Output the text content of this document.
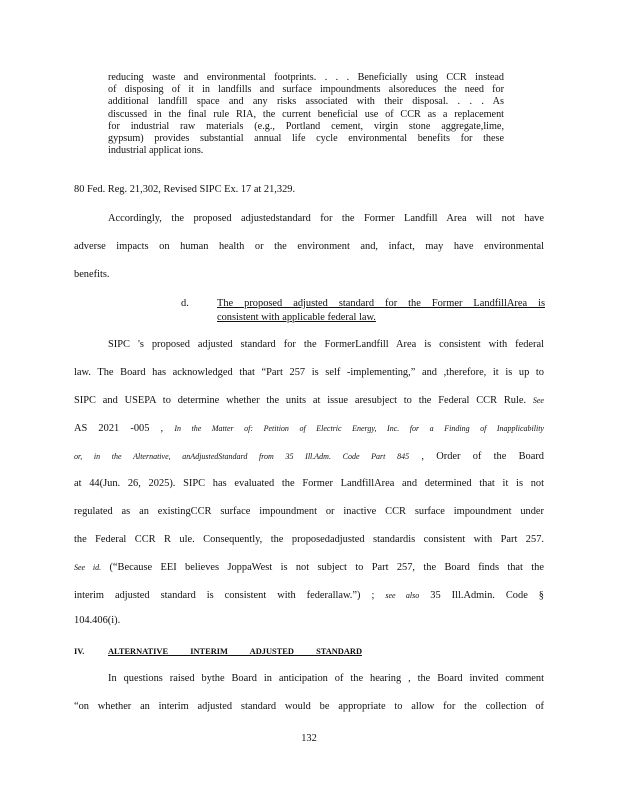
reducing waste and environmental footprints. . . . Beneficially using CCR instead
of disposing of it in landfills and surface impoundments alsoreduces the need for
additional landfill space and any risks associated with their disposal. . . . As
discussed in the final rule RIA, the current beneficial use of CCR as a replacement
for industrial raw materials (e.g., Portland cement, virgin stone aggregate,lime,
gypsum) provides substantial annual life cycle environmental benefits for these
industrial applicat ions.
80 Fed. Reg. 21,302, Revised SIPC Ex. 17 at 21,329.
Accordingly, the proposed adjustedstandard for the Former Landfill Area will not have
adverse impacts on human health or the environment and, infact, may have environmental
benefits.
d.	The proposed adjusted standard for the Former LandfillArea is
consistent with applicable federal law.
SIPC 's proposed adjusted standard for the FormerLandfill Area is consistent with federal
law. The Board has acknowledged that “Part 257 is self -implementing,” and ,therefore, it is up to
SIPC and USEPA to determine whether the units at issue aresubject to the Federal CCR Rule. See
AS 2021 -005 , In the Matter of: Petition of Electric Energy, Inc. for a Finding of Inapplicability
or, in the Alternative, anAdjustedStandard from 35 Ill.Adm. Code Part 845 , Order of the Board
at 44(Jun. 26, 2025). SIPC has evaluated the Former LandfillArea and determined that it is not
regulated as an existingCCR surface impoundment or inactive CCR surface impoundment under
the Federal CCR R ule. Consequently, the proposedadjusted standardis consistent with Part 257.
See id. (“Because EEI believes JoppaWest is not subject to Part 257, the Board finds that the
interim adjusted standard is consistent with federallaw.”) ; see also 35 Ill.Admin. Code §
104.406(i).
IV.	ALTERNATIVE INTERIM ADJUSTED STANDARD
In questions raised bythe Board in anticipation of the hearing , the Board invited comment
“on whether an interim adjusted standard would be appropriate to allow for the collection of
132
